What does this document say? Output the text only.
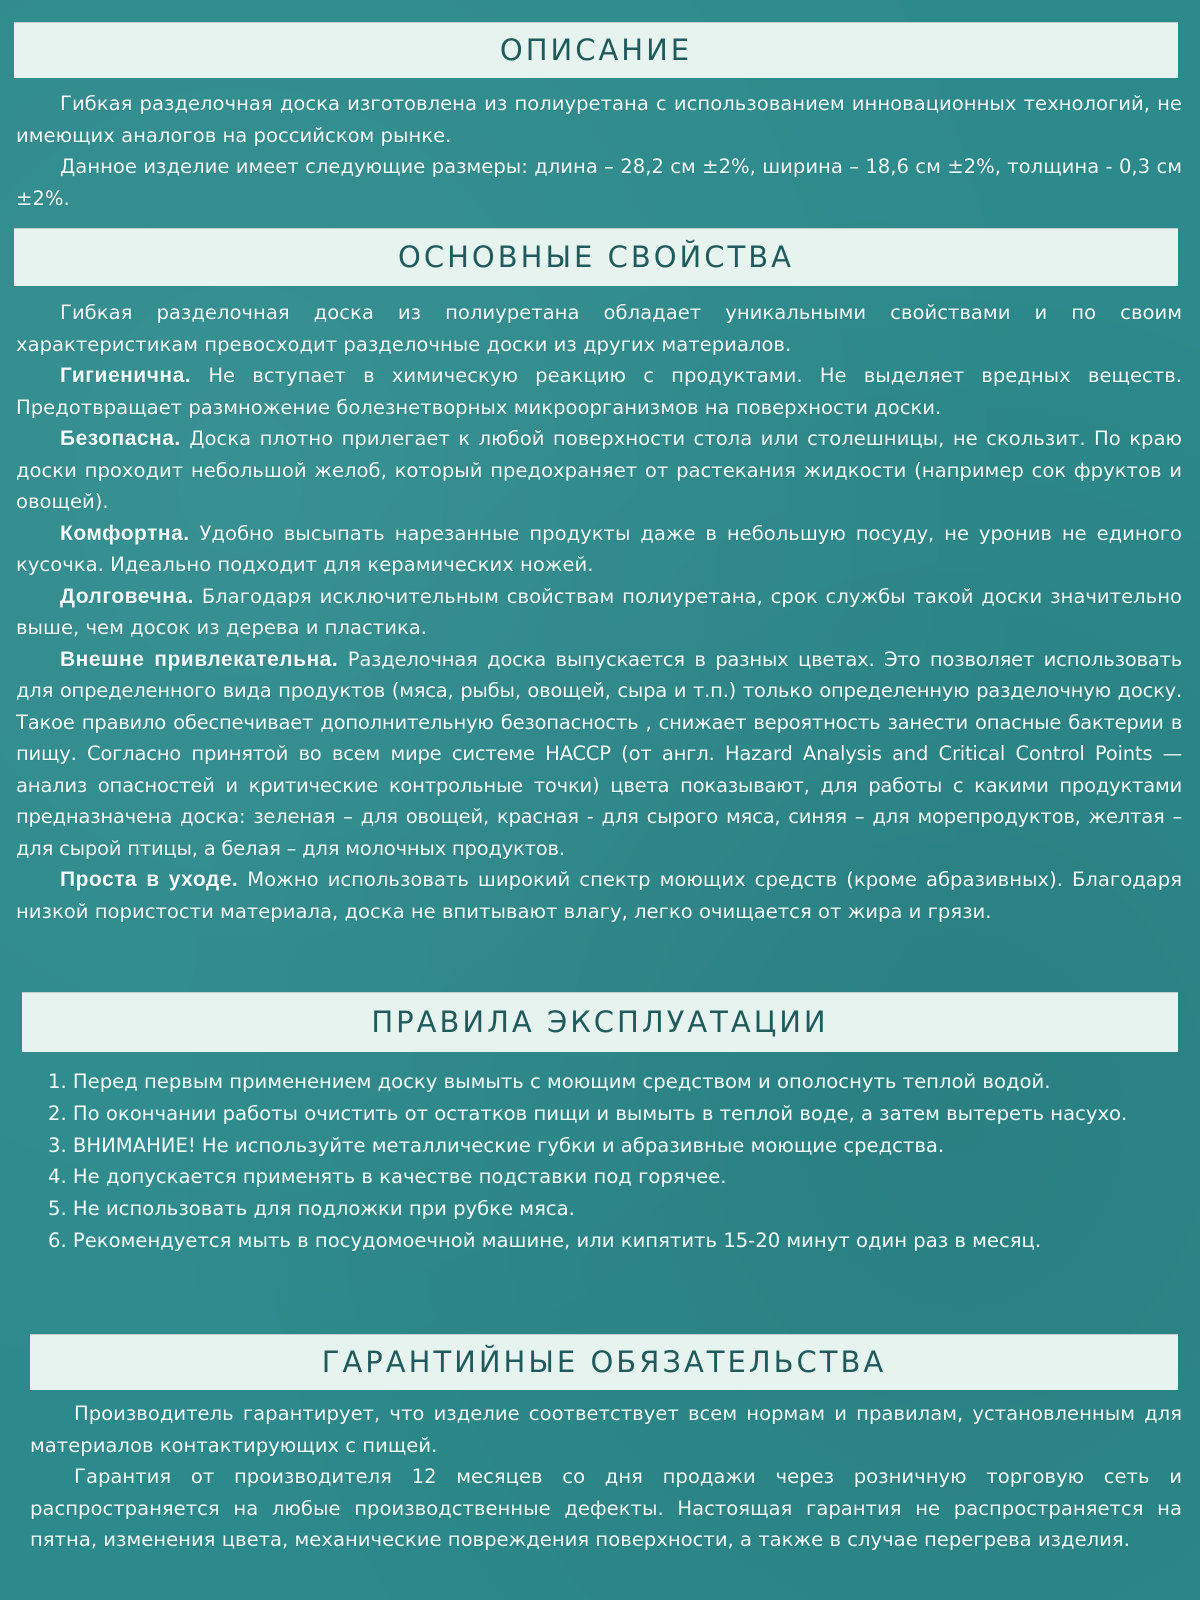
ОПИСАНИЕ

Гибкая разделочная доска изготовлена из полиуретана с использованием инновационных технологий, не имеющих аналогов на российском рынке.

Данное изделие имеет следующие размеры: длина – 28,2 см ±2%, ширина – 18,6 см ±2%, толщина - 0,3 см ±2%.

ОСНОВНЫЕ СВОЙСТВА

Гибкая разделочная доска из полиуретана обладает уникальными свойствами и по своим характеристикам превосходит разделочные доски из других материалов.

Гигиенична. Не вступает в химическую реакцию с продуктами. Не выделяет вредных веществ. Предотвращает размножение болезнетворных микроорганизмов на поверхности доски.

Безопасна. Доска плотно прилегает к любой поверхности стола или столешницы, не скользит. По краю доски проходит небольшой желоб, который предохраняет от растекания жидкости (например сок фруктов и овощей).

Комфортна. Удобно высыпать нарезанные продукты даже в небольшую посуду, не уронив не единого кусочка. Идеально подходит для керамических ножей.

Долговечна. Благодаря исключительным свойствам полиуретана, срок службы такой доски значительно выше, чем досок из дерева и пластика.

Внешне привлекательна. Разделочная доска выпускается в разных цветах. Это позволяет использовать для определенного вида продуктов (мяса, рыбы, овощей, сыра и т.п.) только определенную разделочную доску. Такое правило обеспечивает дополнительную безопасность , снижает вероятность занести опасные бактерии в пищу. Согласно принятой во всем мире системе HACCP (от англ. Hazard Analysis and Critical Control Points — анализ опасностей и критические контрольные точки) цвета показывают, для работы с какими продуктами предназначена доска: зеленая – для овощей, красная - для сырого мяса, синяя – для морепродуктов, желтая – для сырой птицы, а белая – для молочных продуктов.

Проста в уходе. Можно использовать широкий спектр моющих средств (кроме абразивных). Благодаря низкой пористости материала, доска не впитывают влагу, легко очищается от жира и грязи.

ПРАВИЛА ЭКСПЛУАТАЦИИ
1. Перед первым применением доску вымыть с моющим средством и ополоснуть теплой водой.
2. По окончании работы очистить от остатков пищи и вымыть в теплой воде, а затем вытереть насухо.
3. ВНИМАНИЕ! Не используйте металлические губки и абразивные моющие средства.
4. Не допускается применять в качестве подставки под горячее.
5. Не использовать для подложки при рубке мяса.
6. Рекомендуется мыть в посудомоечной машине, или кипятить 15-20 минут один раз в месяц.
ГАРАНТИЙНЫЕ ОБЯЗАТЕЛЬСТВА

Производитель гарантирует, что изделие соответствует всем нормам и правилам, установленным для материалов контактирующих с пищей.

Гарантия от производителя 12 месяцев со дня продажи через розничную торговую сеть и распространяется на любые производственные дефекты. Настоящая гарантия не распространяется на пятна, изменения цвета, механические повреждения поверхности, а также в случае перегрева изделия.
